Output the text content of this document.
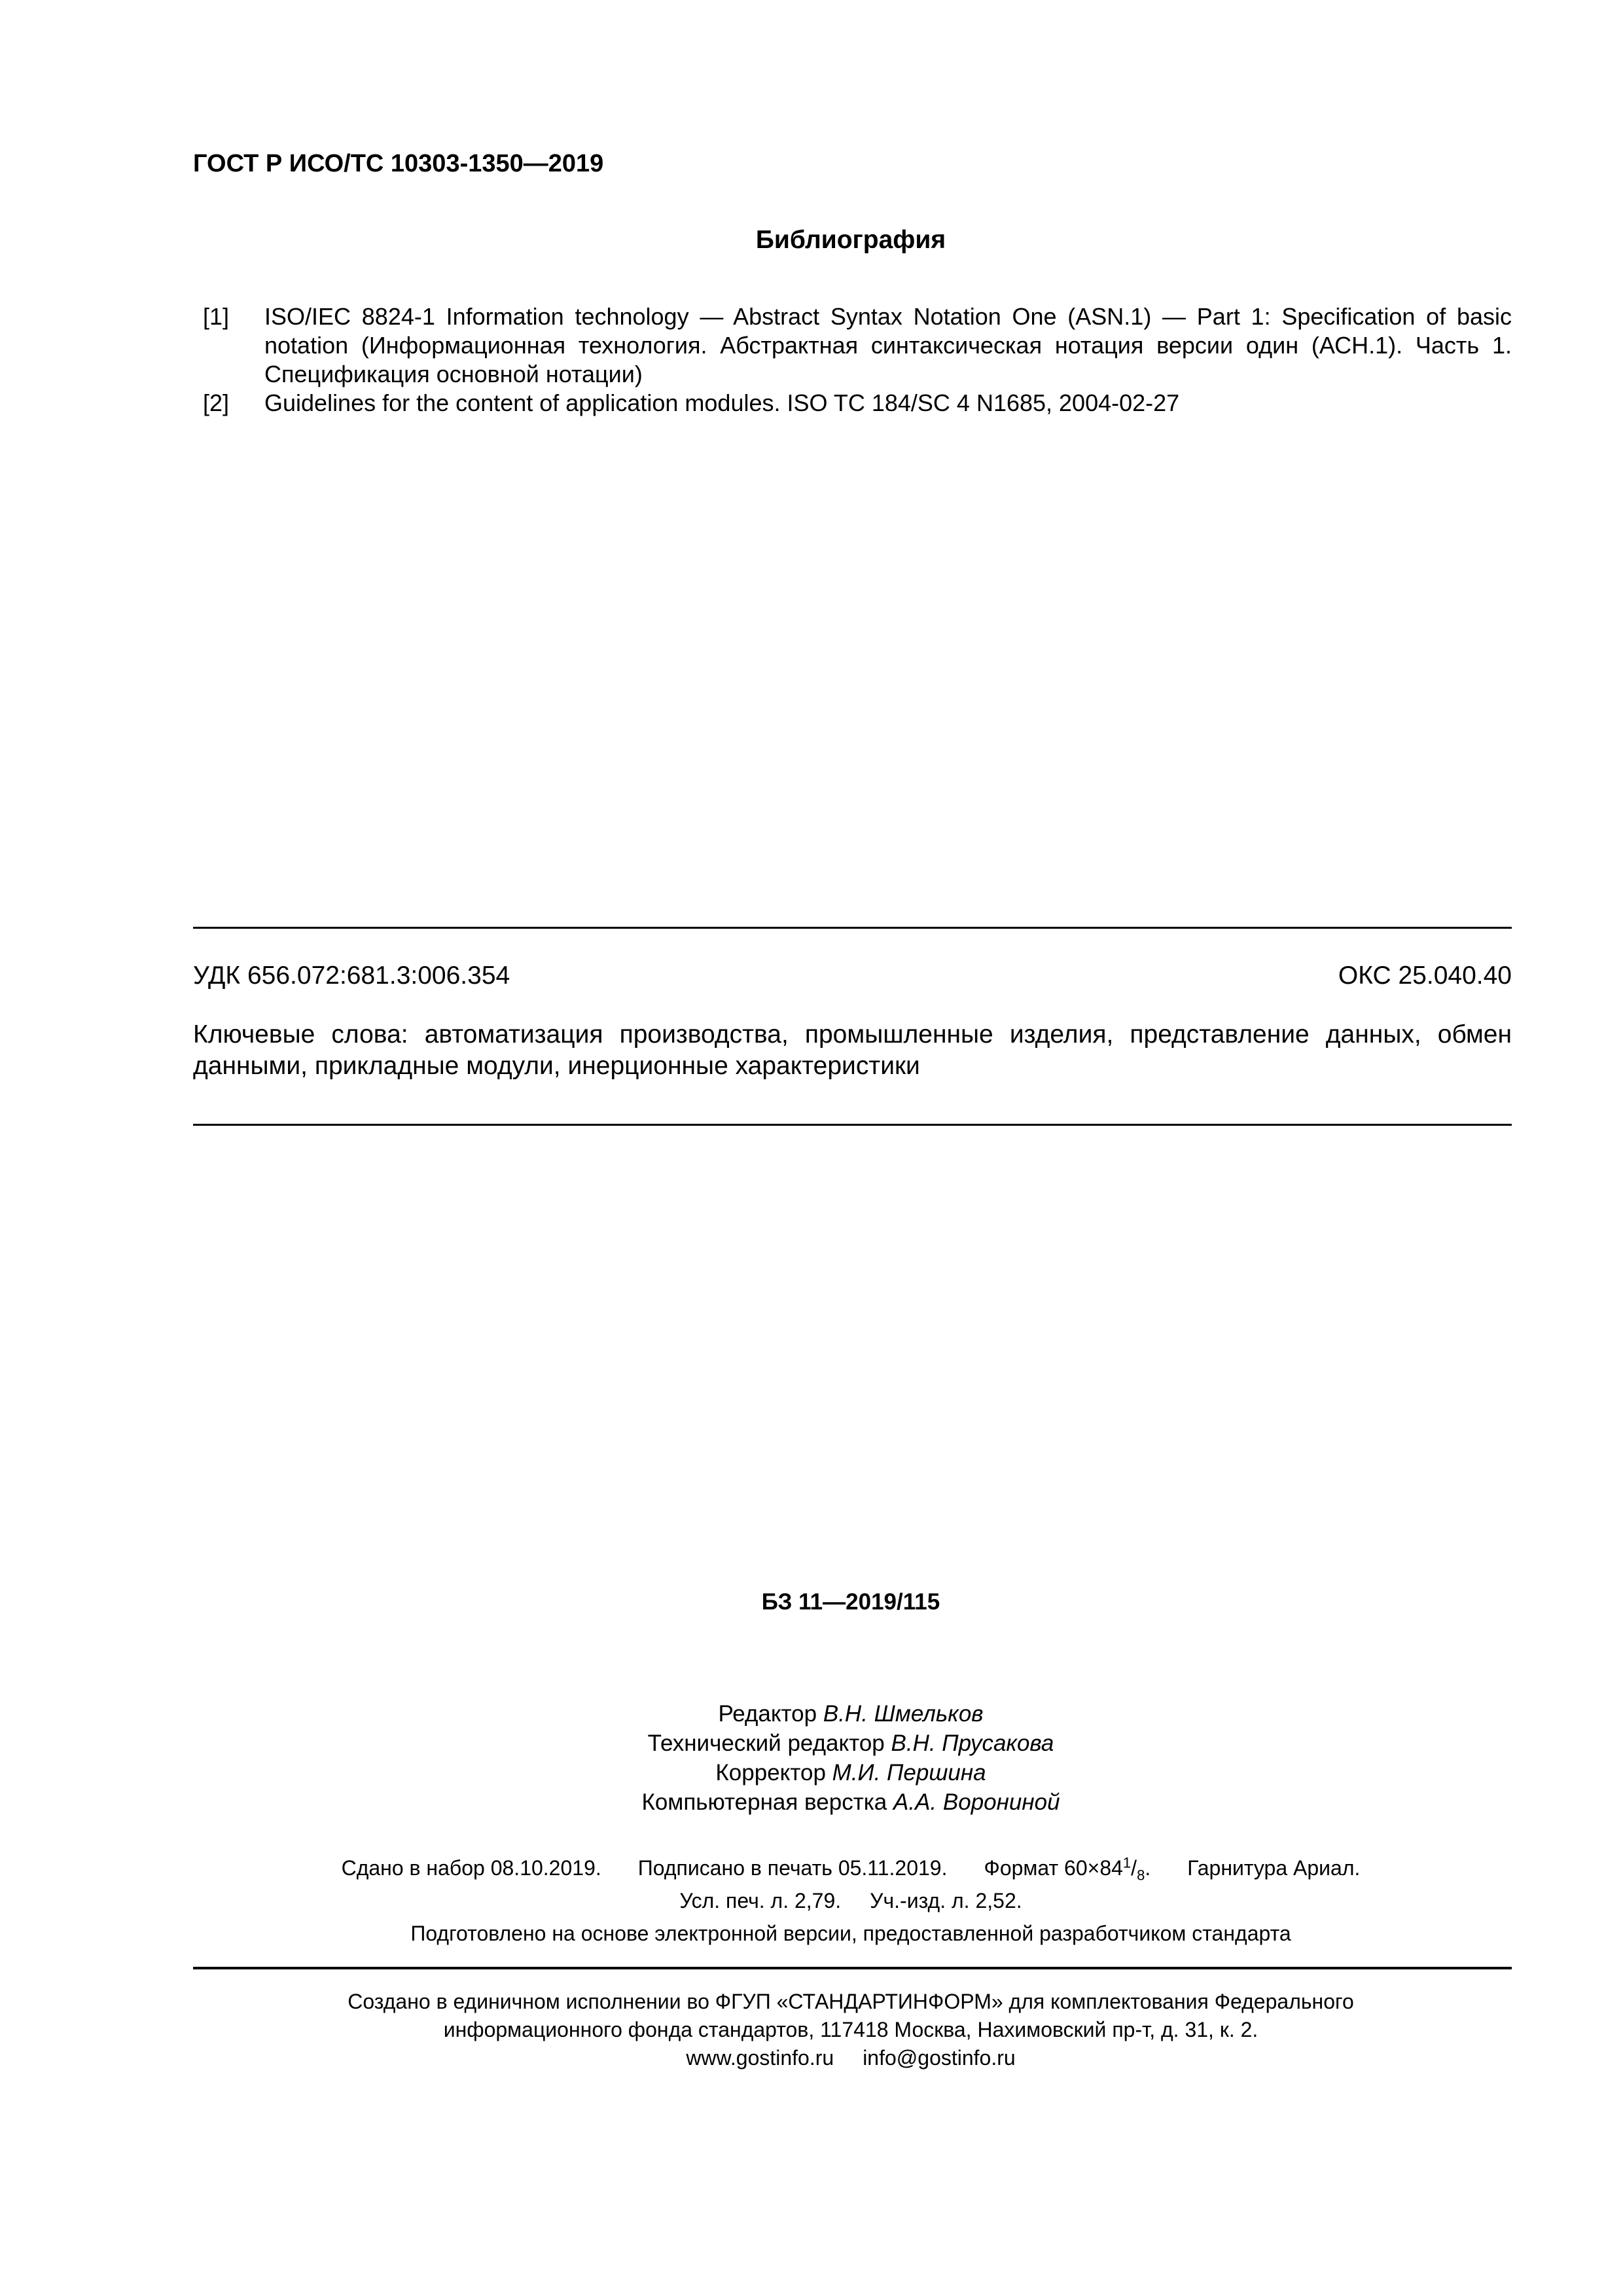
ГОСТ Р ИСО/ТС 10303-1350—2019
Библиография
[1] ISO/IEC 8824-1 Information technology — Abstract Syntax Notation One (ASN.1) — Part 1: Specification of basic notation (Информационная технология. Абстрактная синтаксическая нотация версии один (АСН.1). Часть 1. Спецификация основной нотации)
[2] Guidelines for the content of application modules. ISO TC 184/SC 4 N1685, 2004-02-27
УДК 656.072:681.3:006.354	ОКС 25.040.40
Ключевые слова: автоматизация производства, промышленные изделия, представление данных, обмен данными, прикладные модули, инерционные характеристики
БЗ 11—2019/115
Редактор В.Н. Шмельков
Технический редактор В.Н. Прусакова
Корректор М.И. Першина
Компьютерная верстка А.А. Ворониной
Сдано в набор 08.10.2019. Подписано в печать 05.11.2019. Формат $60\times 84^1/_8$. Гарнитура Ариал.
Усл. печ. л. 2,79. Уч.-изд. л. 2,52.
Подготовлено на основе электронной версии, предоставленной разработчиком стандарта
Создано в единичном исполнении во ФГУП «СТАНДАРТИНФОРМ» для комплектования Федерального
информационного фонда стандартов, 117418 Москва, Нахимовский пр-т, д. 31, к. 2.
www.gostinfo.ru info@gostinfo.ru
